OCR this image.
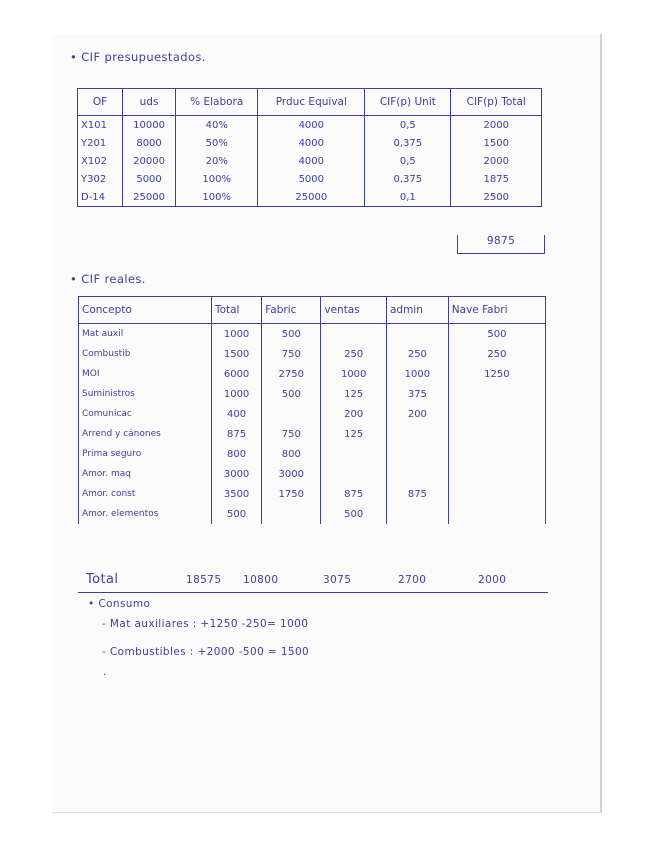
• CIF presupuestados.
OF	uds	% Elabora	Prduc Equival	CIF(p) Unit	CIF(p) Total
X101	10000	40%	4000	0,5	2000
Y201	8000	50%	4000	0,375	1500
X102	20000	20%	4000	0,5	2000
Y302	5000	100%	5000	0,375	1875
D-14	25000	100%	25000	0,1	2500
9875
• CIF reales.
Concepto	Total	Fabric	ventas	admin	Nave Fabri
Mat auxil	1000	500			500
Combustib	1500	750	250	250	250
MOI	6000	2750	1000	1000	1250
Suministros	1000	500	125	375	
Comunicac	400		200	200	
Arrend y cánones	875	750	125		
Prima seguro	800	800			
Amor. maq	3000	3000			
Amor. const	3500	1750	875	875	
Amor. elementos	500		500		
Total	18575 10800	3075	2700	2000
• Consumo
- Mat auxiliares : +1250 -250= 1000
- Combustibles : +2000 -500 = 1500
.
